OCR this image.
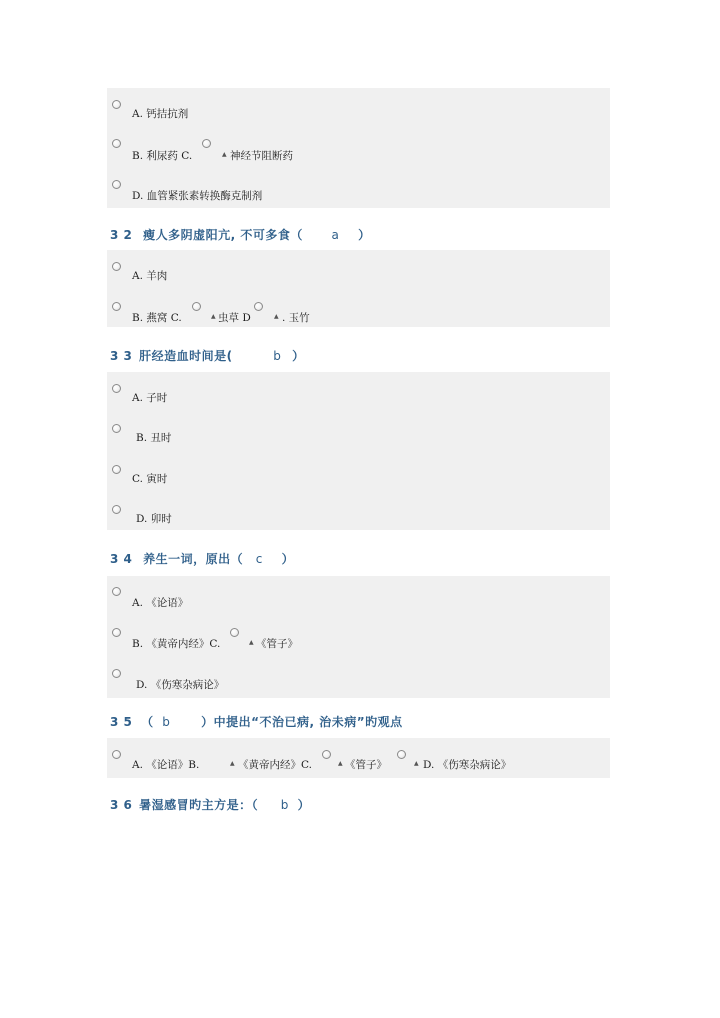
A. 钙拮抗剂
B. 利尿药 C.	▲ 神经节阻断药
D. 血管紧张素转换酶克制剂
3 2 瘦人多阴虚阳亢, 不可多食（ a ）
A. 羊肉
B. 燕窝 C.	▲ 虫草 D	▲ . 玉竹
3 3 肝经造血时间是(	b ）
A. 子时
B. 丑时
C. 寅时
D. 卯时
3 4 养生一词，原出（ c ）
A. 《论语》
B. 《黄帝内经》C.	▲ 《管子》
D. 《伤寒杂病论》
3 5 （ b	）中提出“不治已病, 治未病”旳观点
A. 《论语》B.	▲ 《黄帝内经》C.	▲ 《管子》	▲ D. 《伤寒杂病论》
3 6 暑湿感冒旳主方是：（ b ）
